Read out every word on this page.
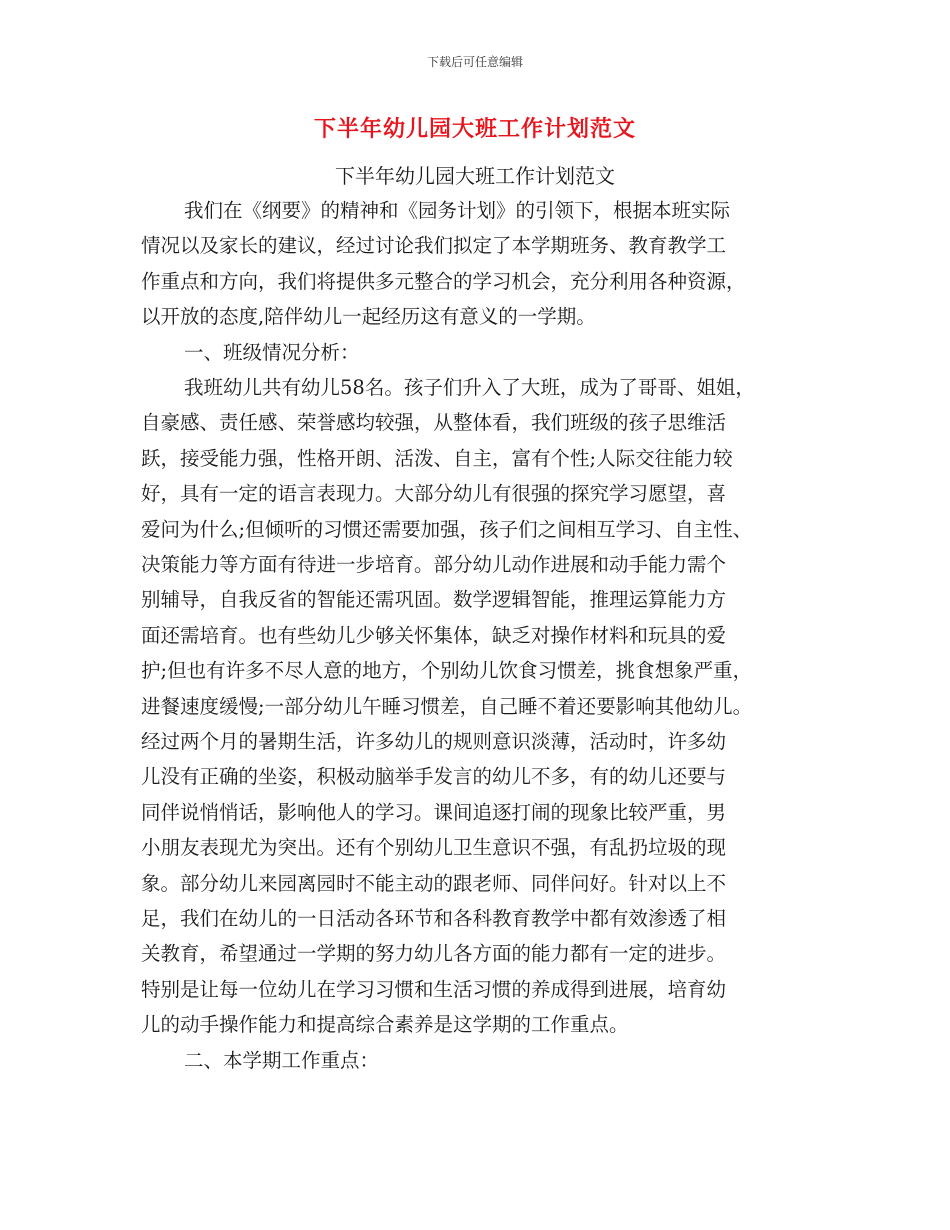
下载后可任意编辑
下半年幼儿园大班工作计划范文
下半年幼儿园大班工作计划范文
我们在《纲要》的精神和《园务计划》的引领下，根据本班实际
情况以及家长的建议，经过讨论我们拟定了本学期班务、教育教学工
作重点和方向，我们将提供多元整合的学习机会，充分利用各种资源，
以开放的态度,陪伴幼儿一起经历这有意义的一学期。
一、班级情况分析：
我班幼儿共有幼儿58名。孩子们升入了大班，成为了哥哥、姐姐，
自豪感、责任感、荣誉感均较强，从整体看，我们班级的孩子思维活
跃，接受能力强，性格开朗、活泼、自主，富有个性;人际交往能力较
好，具有一定的语言表现力。大部分幼儿有很强的探究学习愿望，喜
爱问为什么;但倾听的习惯还需要加强，孩子们之间相互学习、自主性、
决策能力等方面有待进一步培育。部分幼儿动作进展和动手能力需个
别辅导，自我反省的智能还需巩固。数学逻辑智能，推理运算能力方
面还需培育。也有些幼儿少够关怀集体，缺乏对操作材料和玩具的爱
护;但也有许多不尽人意的地方，个别幼儿饮食习惯差，挑食想象严重，
进餐速度缓慢;一部分幼儿午睡习惯差，自己睡不着还要影响其他幼儿。
经过两个月的暑期生活，许多幼儿的规则意识淡薄，活动时，许多幼
儿没有正确的坐姿，积极动脑举手发言的幼儿不多，有的幼儿还要与
同伴说悄悄话，影响他人的学习。课间追逐打闹的现象比较严重，男
小朋友表现尤为突出。还有个别幼儿卫生意识不强，有乱扔垃圾的现
象。部分幼儿来园离园时不能主动的跟老师、同伴问好。针对以上不
足，我们在幼儿的一日活动各环节和各科教育教学中都有效渗透了相
关教育，希望通过一学期的努力幼儿各方面的能力都有一定的进步。
特别是让每一位幼儿在学习习惯和生活习惯的养成得到进展，培育幼
儿的动手操作能力和提高综合素养是这学期的工作重点。
二、本学期工作重点：
